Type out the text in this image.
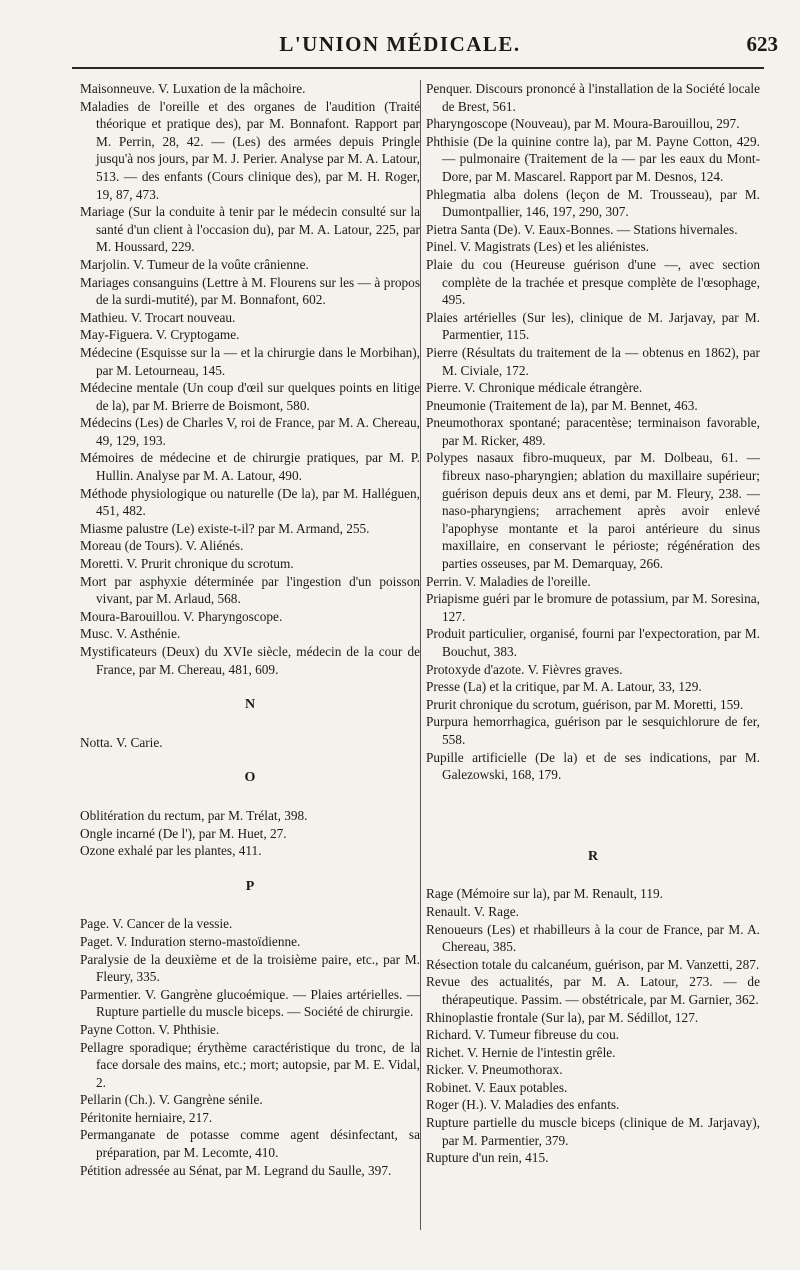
L'UNION MÉDICALE.	623

Maisonneuve. V. Luxation de la mâchoire.

Maladies de l'oreille et des organes de l'audition (Traité théorique et pratique des), par M. Bonnafont. Rapport par M. Perrin, 28, 42. — (Les) des armées depuis Pringle jusqu'à nos jours, par M. J. Perier. Analyse par M. A. Latour, 513. — des enfants (Cours clinique des), par M. H. Roger, 19, 87, 473.

Mariage (Sur la conduite à tenir par le médecin consulté sur la santé d'un client à l'occasion du), par M. A. Latour, 225, par M. Houssard, 229.

Marjolin. V. Tumeur de la voûte crânienne.

Mariages consanguins (Lettre à M. Flourens sur les — à propos de la surdi-mutité), par M. Bonnafont, 602.

Mathieu. V. Trocart nouveau.

May-Figuera. V. Cryptogame.

Médecine (Esquisse sur la — et la chirurgie dans le Morbihan), par M. Letourneau, 145.

Médecine mentale (Un coup d'œil sur quelques points en litige de la), par M. Brierre de Boismont, 580.

Médecins (Les) de Charles V, roi de France, par M. A. Chereau, 49, 129, 193.

Mémoires de médecine et de chirurgie pratiques, par M. P. Hullin. Analyse par M. A. Latour, 490.

Méthode physiologique ou naturelle (De la), par M. Halléguen, 451, 482.

Miasme palustre (Le) existe-t-il? par M. Armand, 255.

Moreau (de Tours). V. Aliénés.

Moretti. V. Prurit chronique du scrotum.

Mort par asphyxie déterminée par l'ingestion d'un poisson vivant, par M. Arlaud, 568.

Moura-Barouillou. V. Pharyngoscope.

Musc. V. Asthénie.

Mystificateurs (Deux) du XVIe siècle, médecin de la cour de France, par M. Chereau, 481, 609.

N

Notta. V. Carie.

O

Oblitération du rectum, par M. Trélat, 398.

Ongle incarné (De l'), par M. Huet, 27.

Ozone exhalé par les plantes, 411.

P

Page. V. Cancer de la vessie.

Paget. V. Induration sterno-mastoïdienne.

Paralysie de la deuxième et de la troisième paire, etc., par M. Fleury, 335.

Parmentier. V. Gangrène glucoémique. — Plaies artérielles. — Rupture partielle du muscle biceps. — Société de chirurgie.

Payne Cotton. V. Phthisie.

Pellagre sporadique; érythème caractéristique du tronc, de la face dorsale des mains, etc.; mort; autopsie, par M. E. Vidal, 2.

Pellarin (Ch.). V. Gangrène sénile.

Péritonite herniaire, 217.

Permanganate de potasse comme agent désinfectant, sa préparation, par M. Lecomte, 410.

Pétition adressée au Sénat, par M. Legrand du Saulle, 397.

Penquer. Discours prononcé à l'installation de la Société locale de Brest, 561.

Pharyngoscope (Nouveau), par M. Moura-Barouillou, 297.

Phthisie (De la quinine contre la), par M. Payne Cotton, 429. — pulmonaire (Traitement de la — par les eaux du Mont-Dore, par M. Mascarel. Rapport par M. Desnos, 124.

Phlegmatia alba dolens (leçon de M. Trousseau), par M. Dumontpallier, 146, 197, 290, 307.

Pietra Santa (De). V. Eaux-Bonnes. — Stations hivernales.

Pinel. V. Magistrats (Les) et les aliénistes.

Plaie du cou (Heureuse guérison d'une —, avec section complète de la trachée et presque complète de l'œsophage, 495.

Plaies artérielles (Sur les), clinique de M. Jarjavay, par M. Parmentier, 115.

Pierre (Résultats du traitement de la — obtenus en 1862), par M. Civiale, 172.

Pierre. V. Chronique médicale étrangère.

Pneumonie (Traitement de la), par M. Bennet, 463.

Pneumothorax spontané; paracentèse; terminaison favorable, par M. Ricker, 489.

Polypes nasaux fibro-muqueux, par M. Dolbeau, 61. — fibreux naso-pharyngien; ablation du maxillaire supérieur; guérison depuis deux ans et demi, par M. Fleury, 238. — naso-pharyngiens; arrachement après avoir enlevé l'apophyse montante et la paroi antérieure du sinus maxillaire, en conservant le périoste; régénération des parties osseuses, par M. Demarquay, 266.

Perrin. V. Maladies de l'oreille.

Priapisme guéri par le bromure de potassium, par M. Soresina, 127.

Produit particulier, organisé, fourni par l'expectoration, par M. Bouchut, 383.

Protoxyde d'azote. V. Fièvres graves.

Presse (La) et la critique, par M. A. Latour, 33, 129.

Prurit chronique du scrotum, guérison, par M. Moretti, 159.

Purpura hemorrhagica, guérison par le sesquichlorure de fer, 558.

Pupille artificielle (De la) et de ses indications, par M. Galezowski, 168, 179.

R

Rage (Mémoire sur la), par M. Renault, 119.

Renault. V. Rage.

Renoueurs (Les) et rhabilleurs à la cour de France, par M. A. Chereau, 385.

Résection totale du calcanéum, guérison, par M. Vanzetti, 287.

Revue des actualités, par M. A. Latour, 273. — de thérapeutique. Passim. — obstétricale, par M. Garnier, 362.

Rhinoplastie frontale (Sur la), par M. Sédillot, 127.

Richard. V. Tumeur fibreuse du cou.

Richet. V. Hernie de l'intestin grêle.

Ricker. V. Pneumothorax.

Robinet. V. Eaux potables.

Roger (H.). V. Maladies des enfants.

Rupture partielle du muscle biceps (clinique de M. Jarjavay), par M. Parmentier, 379.

Rupture d'un rein, 415.
